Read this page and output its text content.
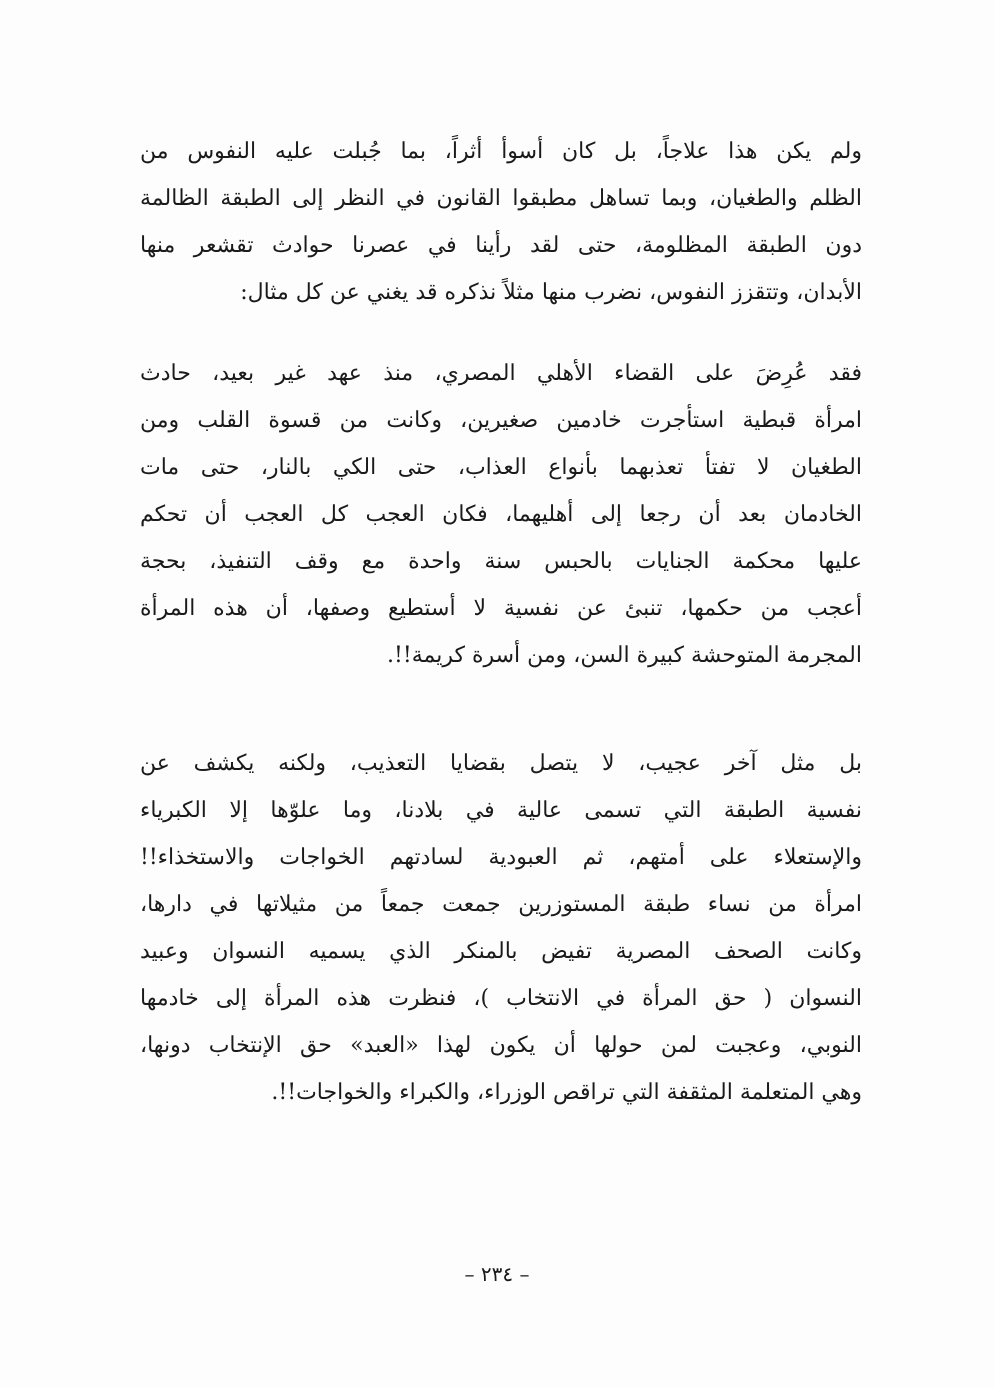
ولم يكن هذا علاجاً، بل كان أسوأ أثراً، بما جُبلت عليه النفوس من
الظلم والطغيان، وبما تساهل مطبقوا القانون في النظر إلى الطبقة الظالمة
دون الطبقة المظلومة، حتى لقد رأينا في عصرنا حوادث تقشعر منها
الأبدان، وتتقزز النفوس، نضرب منها مثلاً نذكره قد يغني عن كل مثال:
فقد عُرِضَ على القضاء الأهلي المصري، منذ عهد غير بعيد، حادث
امرأة قبطية استأجرت خادمين صغيرين، وكانت من قسوة القلب ومن
الطغيان لا تفتأ تعذبهما بأنواع العذاب، حتى الكي بالنار، حتى مات
الخادمان بعد أن رجعا إلى أهليهما، فكان العجب كل العجب أن تحكم
عليها محكمة الجنايات بالحبس سنة واحدة مع وقف التنفيذ، بحجة
أعجب من حكمها، تنبئ عن نفسية لا أستطيع وصفها، أن هذه المرأة
المجرمة المتوحشة كبيرة السن، ومن أسرة كريمة!!.
بل مثل آخر عجيب، لا يتصل بقضايا التعذيب، ولكنه يكشف عن
نفسية الطبقة التي تسمى عالية في بلادنا، وما علوّها إلا الكبرياء
والإستعلاء على أمتهم، ثم العبودية لسادتهم الخواجات والاستخذاء!!
امرأة من نساء طبقة المستوزرين جمعت جمعاً من مثيلاتها في دارها،
وكانت الصحف المصرية تفيض بالمنكر الذي يسميه النسوان وعبيد
النسوان ( حق المرأة في الانتخاب )، فنظرت هذه المرأة إلى خادمها
النوبي، وعجبت لمن حولها أن يكون لهذا «العبد» حق الإنتخاب دونها،
وهي المتعلمة المثقفة التي تراقص الوزراء، والكبراء والخواجات!!.
– ٢٣٤ –
